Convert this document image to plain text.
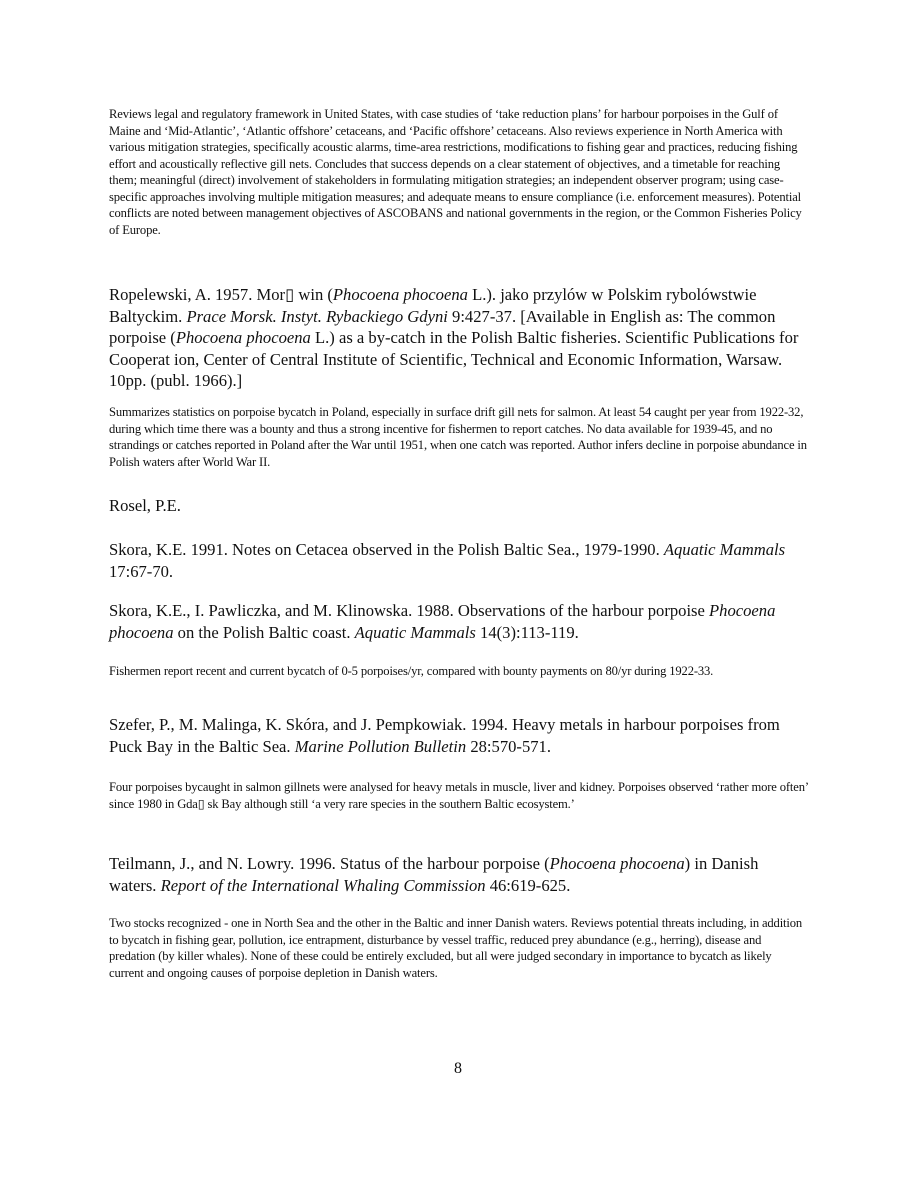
Reviews legal and regulatory framework in United States, with case studies of ‘take reduction plans’ for harbour porpoises in the Gulf of Maine and ‘Mid-Atlantic’, ‘Atlantic offshore’ cetaceans, and ‘Pacific offshore’ cetaceans. Also reviews experience in North America with various mitigation strategies, specifically acoustic alarms, time-area restrictions, modifications to fishing gear and practices, reducing fishing effort and acoustically reflective gill nets. Concludes that success depends on a clear statement of objectives, and a timetable for reaching them; meaningful (direct) involvement of stakeholders in formulating mitigation strategies; an independent observer program; using case-specific approaches involving multiple mitigation measures; and adequate means to ensure compliance (i.e. enforcement measures). Potential conflicts are noted between management objectives of ASCOBANS and national governments in the region, or the Common Fisheries Policy of Europe.

Ropelewski, A. 1957. Mor▯ win (Phocoena phocoena L.). jako przylów w Polskim rybolówstwie Baltyckim. Prace Morsk. Instyt. Rybackiego Gdyni 9:427-37. [Available in English as: The common porpoise (Phocoena phocoena L.) as a by-catch in the Polish Baltic fisheries. Scientific Publications for Cooperat ion, Center of Central Institute of Scientific, Technical and Economic Information, Warsaw. 10pp. (publ. 1966).]

Summarizes statistics on porpoise bycatch in Poland, especially in surface drift gill nets for salmon. At least 54 caught per year from 1922-32, during which time there was a bounty and thus a strong incentive for fishermen to report catches. No data available for 1939-45, and no strandings or catches reported in Poland after the War until 1951, when one catch was reported. Author infers decline in porpoise abundance in Polish waters after World War II.

Rosel, P.E.

Skora, K.E. 1991. Notes on Cetacea observed in the Polish Baltic Sea., 1979-1990. Aquatic Mammals 17:67-70.

Skora, K.E., I. Pawliczka, and M. Klinowska. 1988. Observations of the harbour porpoise Phocoena phocoena on the Polish Baltic coast. Aquatic Mammals 14(3):113-119.

Fishermen report recent and current bycatch of 0-5 porpoises/yr, compared with bounty payments on 80/yr during 1922-33.

Szefer, P., M. Malinga, K. Skóra, and J. Pempkowiak. 1994. Heavy metals in harbour porpoises from Puck Bay in the Baltic Sea. Marine Pollution Bulletin 28:570-571.

Four porpoises bycaught in salmon gillnets were analysed for heavy metals in muscle, liver and kidney. Porpoises observed ‘rather more often’ since 1980 in Gda▯ sk Bay although still ‘a very rare species in the southern Baltic ecosystem.’

Teilmann, J., and N. Lowry. 1996. Status of the harbour porpoise (Phocoena phocoena) in Danish waters. Report of the International Whaling Commission 46:619-625.

Two stocks recognized - one in North Sea and the other in the Baltic and inner Danish waters. Reviews potential threats including, in addition to bycatch in fishing gear, pollution, ice entrapment, disturbance by vessel traffic, reduced prey abundance (e.g., herring), disease and predation (by killer whales). None of these could be entirely excluded, but all were judged secondary in importance to bycatch as likely current and ongoing causes of porpoise depletion in Danish waters.

8
